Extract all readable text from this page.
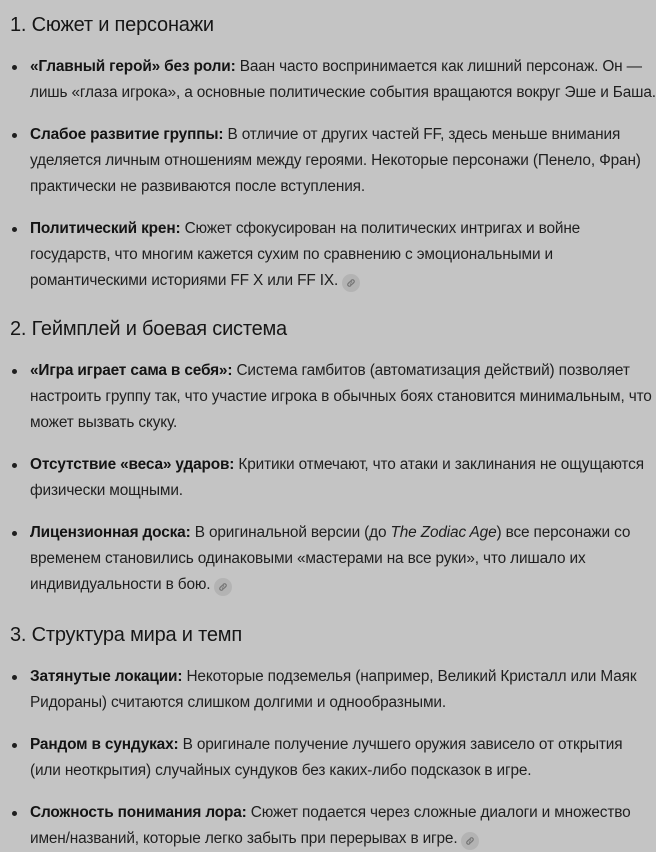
1. Сюжет и персонажи
«Главный герой» без роли: Ваан часто воспринимается как лишний персонаж. Он — лишь «глаза игрока», а основные политические события вращаются вокруг Эше и Баша.
Слабое развитие группы: В отличие от других частей FF, здесь меньше внимания уделяется личным отношениям между героями. Некоторые персонажи (Пенело, Фран) практически не развиваются после вступления.
Политический крен: Сюжет сфокусирован на политических интригах и войне государств, что многим кажется сухим по сравнению с эмоциональными и романтическими историями FF X или FF IX.
2. Геймплей и боевая система
«Игра играет сама в себя»: Система гамбитов (автоматизация действий) позволяет настроить группу так, что участие игрока в обычных боях становится минимальным, что может вызвать скуку.
Отсутствие «веса» ударов: Критики отмечают, что атаки и заклинания не ощущаются физически мощными.
Лицензионная доска: В оригинальной версии (до The Zodiac Age) все персонажи со временем становились одинаковыми «мастерами на все руки», что лишало их индивидуальности в бою.
3. Структура мира и темп
Затянутые локации: Некоторые подземелья (например, Великий Кристалл или Маяк Ридораны) считаются слишком долгими и однообразными.
Рандом в сундуках: В оригинале получение лучшего оружия зависело от открытия (или неоткрытия) случайных сундуков без каких-либо подсказок в игре.
Сложность понимания лора: Сюжет подается через сложные диалоги и множество имен/названий, которые легко забыть при перерывах в игре.
